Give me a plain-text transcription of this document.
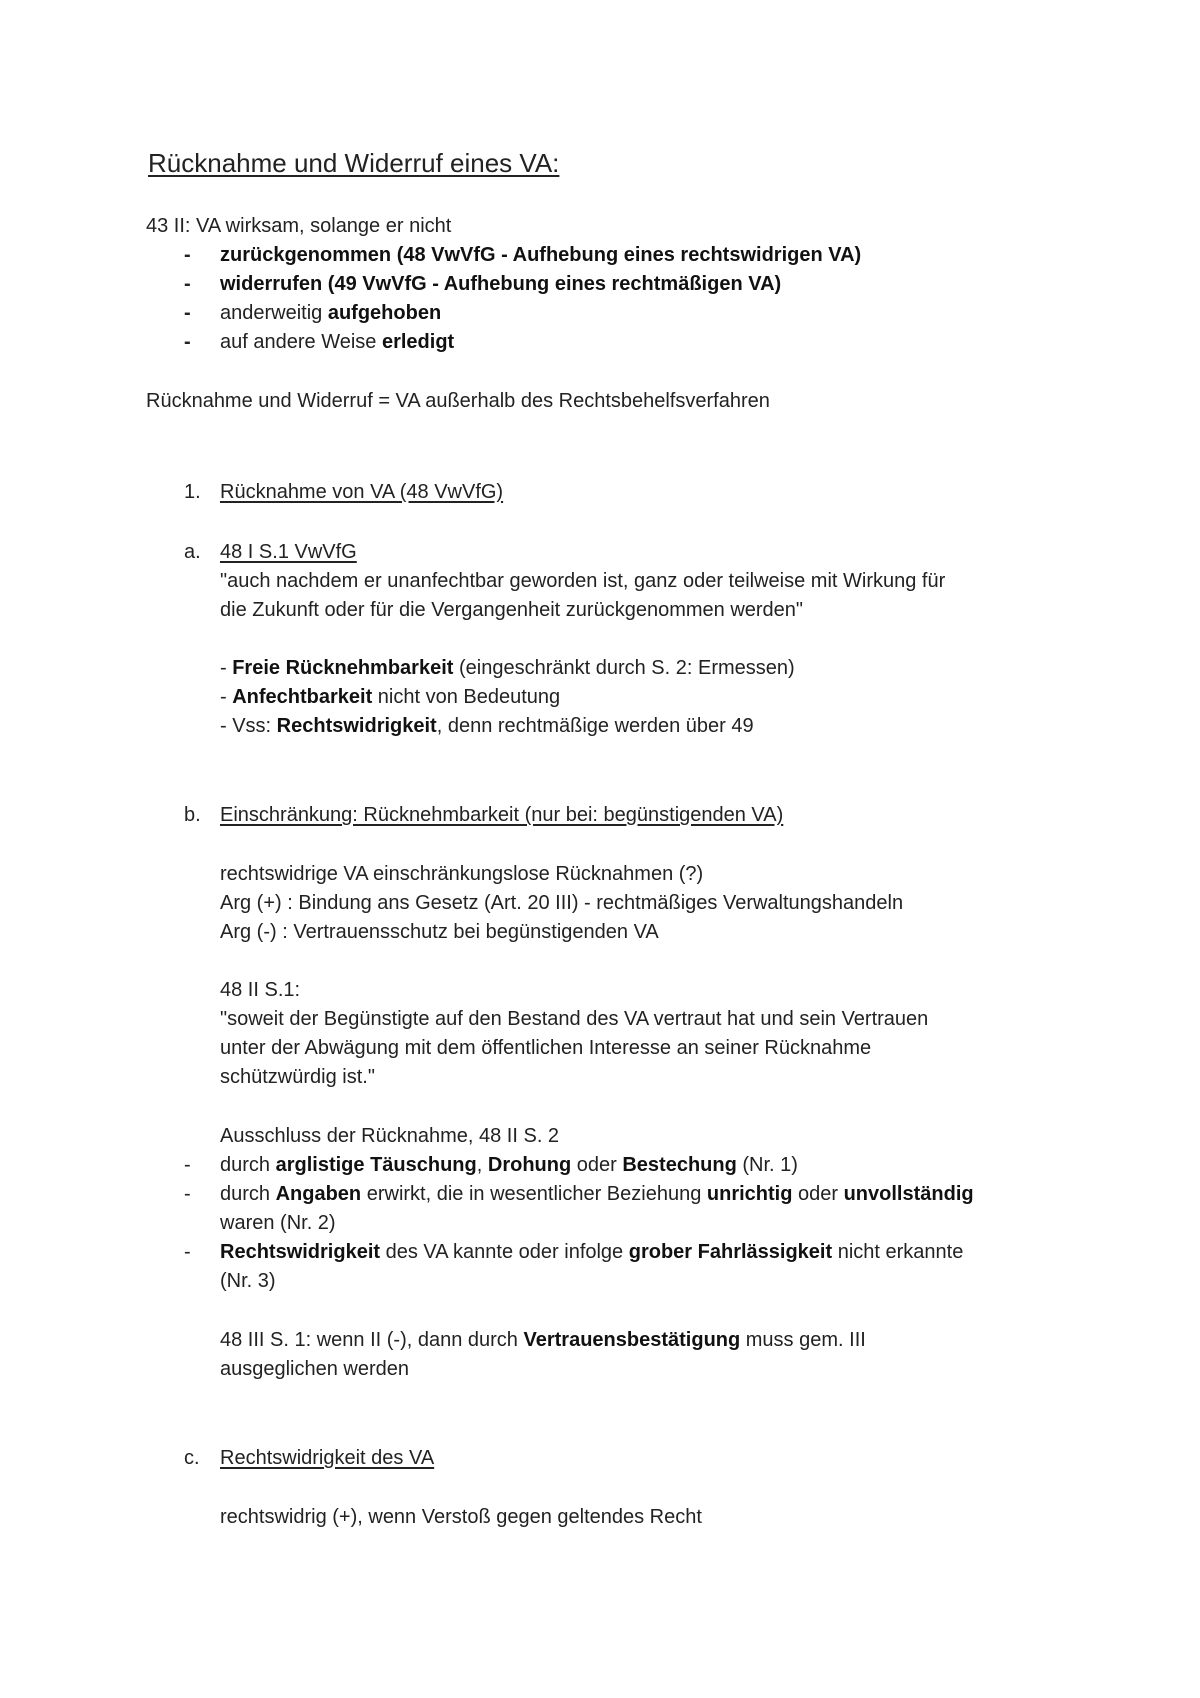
Rücknahme und Widerruf eines VA:
43 II: VA wirksam, solange er nicht
- zurückgenommen (48 VwVfG - Aufhebung eines rechtswidrigen VA)
- widerrufen (49 VwVfG - Aufhebung eines rechtmäßigen VA)
- anderweitig aufgehoben
- auf andere Weise erledigt
Rücknahme und Widerruf = VA außerhalb des Rechtsbehelfsverfahren
1. Rücknahme von VA (48 VwVfG)
a. 48 I S.1 VwVfG
"auch nachdem er unanfechtbar geworden ist, ganz oder teilweise mit Wirkung für
die Zukunft oder für die Vergangenheit zurückgenommen werden"
- Freie Rücknehmbarkeit (eingeschränkt durch S. 2: Ermessen)
- Anfechtbarkeit nicht von Bedeutung
- Vss: Rechtswidrigkeit, denn rechtmäßige werden über 49
b. Einschränkung: Rücknehmbarkeit (nur bei: begünstigenden VA)
rechtswidrige VA einschränkungslose Rücknahmen (?)
Arg (+) : Bindung ans Gesetz (Art. 20 III) - rechtmäßiges Verwaltungshandeln
Arg (-) : Vertrauensschutz bei begünstigenden VA
48 II S.1:
"soweit der Begünstigte auf den Bestand des VA vertraut hat und sein Vertrauen
unter der Abwägung mit dem öffentlichen Interesse an seiner Rücknahme
schützwürdig ist."
Ausschluss der Rücknahme, 48 II S. 2
- durch arglistige Täuschung, Drohung oder Bestechung (Nr. 1)
- durch Angaben erwirkt, die in wesentlicher Beziehung unrichtig oder unvollständig
waren (Nr. 2)
- Rechtswidrigkeit des VA kannte oder infolge grober Fahrlässigkeit nicht erkannte
(Nr. 3)
48 III S. 1: wenn II (-), dann durch Vertrauensbestätigung muss gem. III
ausgeglichen werden
c. Rechtswidrigkeit des VA
rechtswidrig (+), wenn Verstoß gegen geltendes Recht
